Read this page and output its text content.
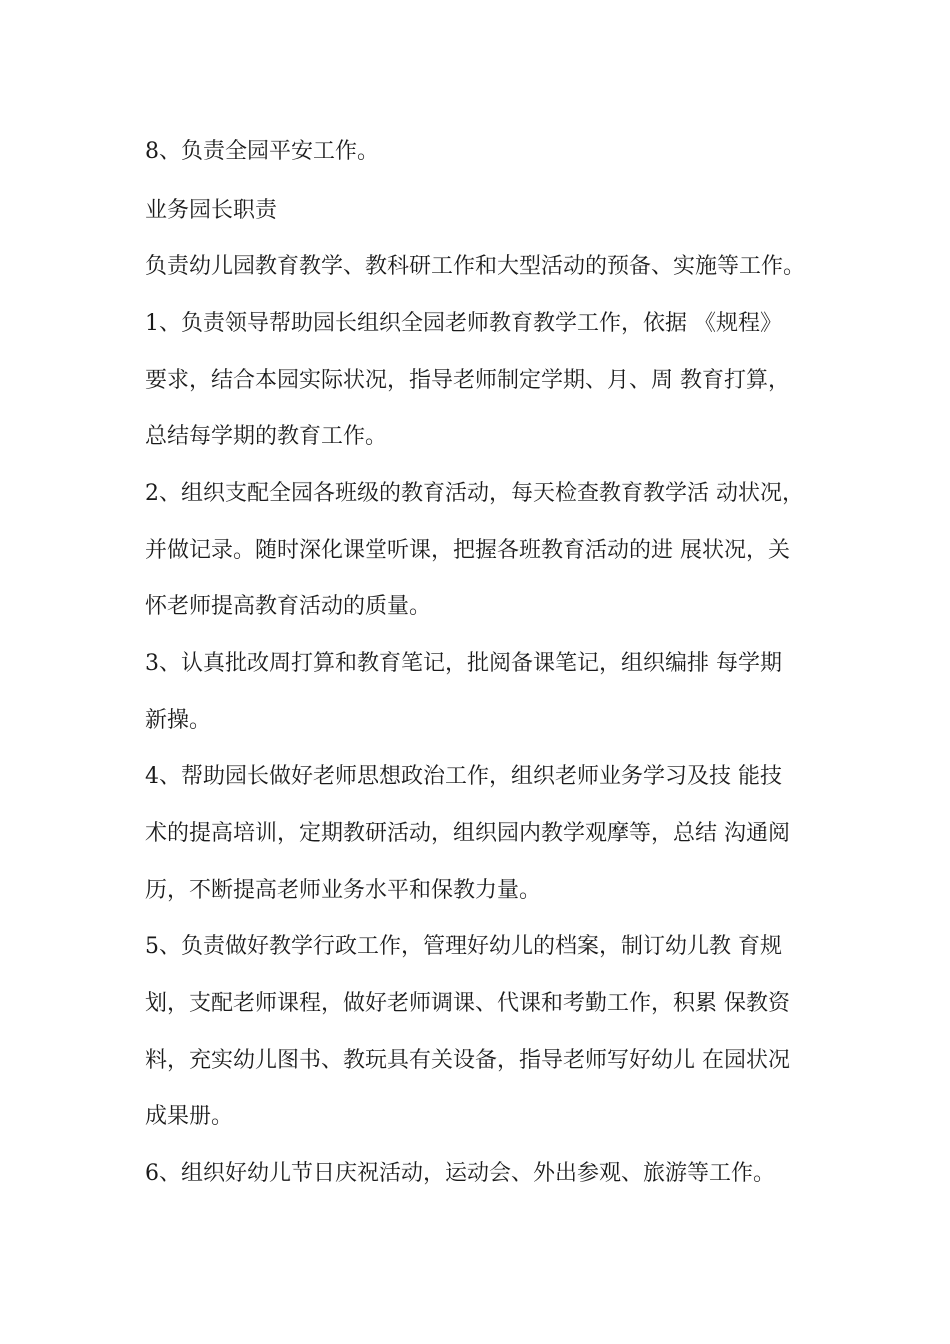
8、负责全园平安工作。

业务园长职责

负责幼儿园教育教学、教科研工作和大型活动的预备、实施等工作。

1、负责领导帮助园长组织全园老师教育教学工作，依据 《规程》

要求，结合本园实际状况，指导老师制定学期、月、周 教育打算，

总结每学期的教育工作。

2、组织支配全园各班级的教育活动，每天检查教育教学活 动状况，

并做记录。随时深化课堂听课，把握各班教育活动的进 展状况，关

怀老师提高教育活动的质量。

3、认真批改周打算和教育笔记，批阅备课笔记，组织编排 每学期

新操。

4、帮助园长做好老师思想政治工作，组织老师业务学习及技 能技

术的提高培训，定期教研活动，组织园内教学观摩等，总结 沟通阅

历，不断提高老师业务水平和保教力量。

5、负责做好教学行政工作，管理好幼儿的档案，制订幼儿教 育规

划，支配老师课程，做好老师调课、代课和考勤工作，积累 保教资

料，充实幼儿图书、教玩具有关设备，指导老师写好幼儿 在园状况

成果册。

6、组织好幼儿节日庆祝活动，运动会、外出参观、旅游等工作。
